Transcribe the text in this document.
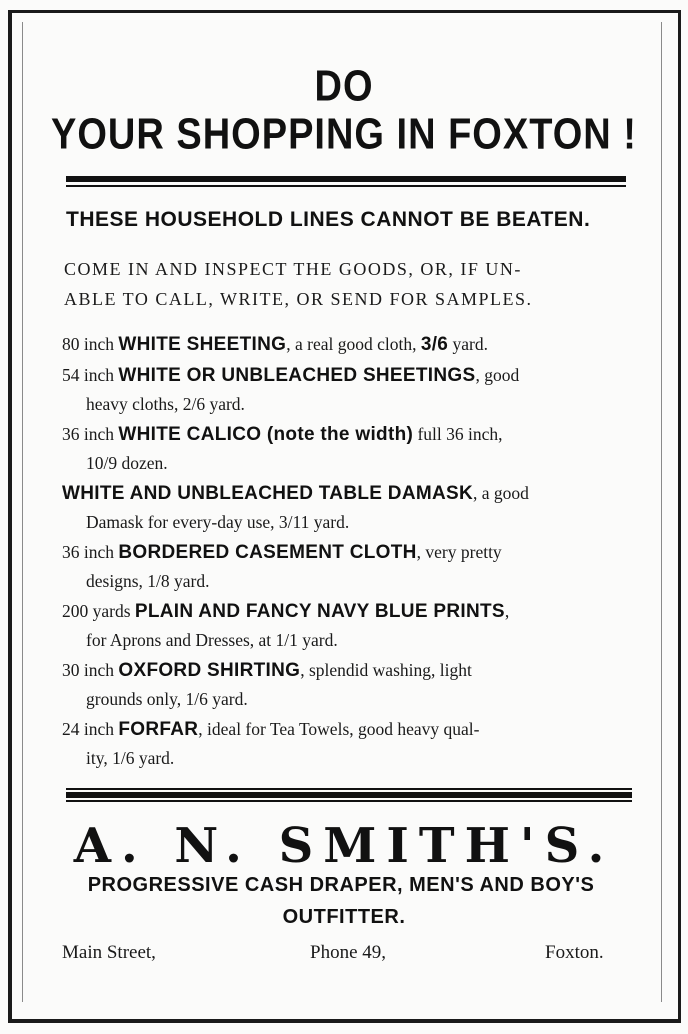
DO
YOUR SHOPPING IN FOXTON !
THESE HOUSEHOLD LINES CANNOT BE BEATEN.
COME IN AND INSPECT THE GOODS, OR, IF UN-
ABLE TO CALL, WRITE, OR SEND FOR SAMPLES.
80 inch WHITE SHEETING, a real good cloth, 3/6 yard.
54 inch WHITE OR UNBLEACHED SHEETINGS, good
heavy cloths, 2/6 yard.
36 inch WHITE CALICO (note the width) full 36 inch,
10/9 dozen.
WHITE AND UNBLEACHED TABLE DAMASK, a good
Damask for every-day use, 3/11 yard.
36 inch BORDERED CASEMENT CLOTH, very pretty
designs, 1/8 yard.
200 yards PLAIN AND FANCY NAVY BLUE PRINTS,
for Aprons and Dresses, at 1/1 yard.
30 inch OXFORD SHIRTING, splendid washing, light
grounds only, 1/6 yard.
24 inch FORFAR, ideal for Tea Towels, good heavy qual-
ity, 1/6 yard.
A. N. SMITH'S.
PROGRESSIVE CASH DRAPER, MEN'S AND BOY'S
OUTFITTER.
Main Street,	Phone 49,	Foxton.
